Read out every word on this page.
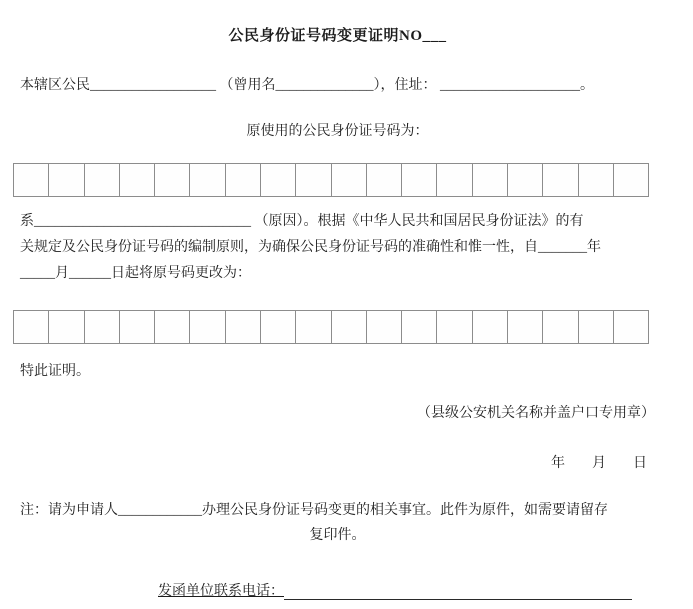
公民身份证号码变更证明NO___
本辖区公民__________________ （曾用名______________），住址： ____________________。
原使用的公民身份证号码为：
系_______________________________ （原因）。根据《中华人民共和国居民身份证法》的有
关规定及公民身份证号码的编制原则，为确保公民身份证号码的准确性和惟一性，自_______年
_____月______日起将原号码更改为：
特此证明。
（县级公安机关名称并盖户口专用章）
年 月 日
注：请为申请人____________办理公民身份证号码变更的相关事宜。此件为原件，如需要请留存
复印件。
发函单位联系电话：
